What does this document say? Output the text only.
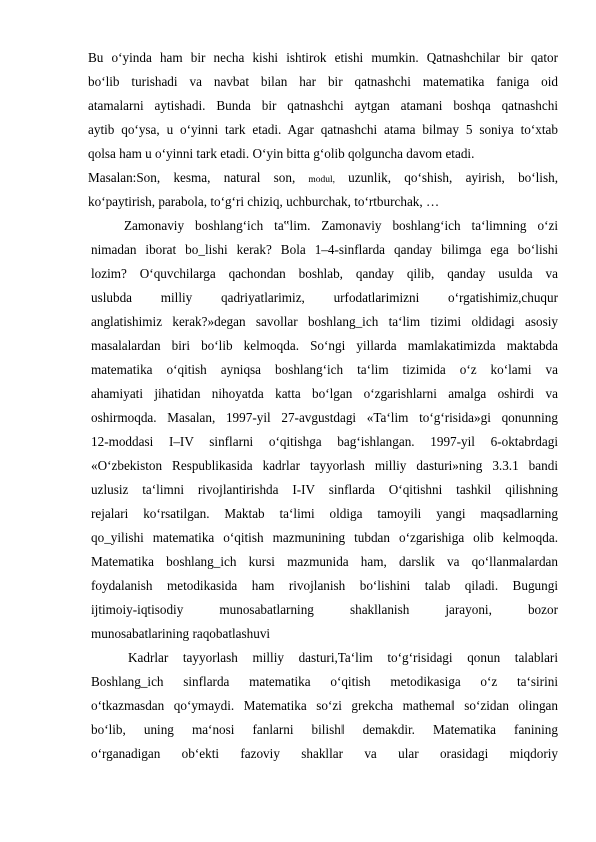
Bu o‘yinda ham bir necha kishi ishtirok etishi mumkin. Qatnashchilar bir qator
bo‘lib turishadi va navbat bilan har bir qatnashchi matematika faniga oid
atamalarni aytishadi. Bunda bir qatnashchi aytgan atamani boshqa qatnashchi
aytib qo‘ysa, u o‘yinni tark etadi. Agar qatnashchi atama bilmay 5 soniya to‘xtab
qolsa ham u o‘yinni tark etadi. O‘yin bitta g‘olib qolguncha davom etadi.
Masalan:Son, kesma, natural son, modul, uzunlik, qo‘shish, ayirish, bo‘lish,
ko‘paytirish, parabola, to‘g‘ri chiziq, uchburchak, to‘rtburchak, …
Zamonaviy boshlang‘ich ta‟lim. Zamonaviy boshlang‘ich ta‘limning o‘zi
nimadan iborat bo_lishi kerak? Bola 1–4-sinflarda qanday bilimga ega bo‘lishi
lozim? O‘quvchilarga qachondan boshlab, qanday qilib, qanday usulda va
uslubda milliy qadriyatlarimiz, urfodatlarimizni o‘rgatishimiz,chuqur
anglatishimiz kerak?»degan savollar boshlang_ich ta‘lim tizimi oldidagi asosiy
masalalardan biri bo‘lib kelmoqda. So‘ngi yillarda mamlakatimizda maktabda
matematika o‘qitish ayniqsa boshlang‘ich ta‘lim tizimida o‘z ko‘lami va
ahamiyati jihatidan nihoyatda katta bo‘lgan o‘zgarishlarni amalga oshirdi va
oshirmoqda. Masalan, 1997-yil 27-avgustdagi «Ta‘lim to‘g‘risida»gi qonunning
12-moddasi I–IV sinflarni o‘qitishga bag‘ishlangan. 1997-yil 6-oktabrdagi
«O‘zbekiston Respublikasida kadrlar tayyorlash milliy dasturi»ning 3.3.1 bandi
uzlusiz ta‘limni rivojlantirishda I-IV sinflarda O‘qitishni tashkil qilishning
rejalari ko‘rsatilgan. Maktab ta‘limi oldiga tamoyili yangi maqsadlarning
qo_yilishi matematika o‘qitish mazmunining tubdan o‘zgarishiga olib kelmoqda.
Matematika boshlang_ich kursi mazmunida ham, darslik va qo‘llanmalardan
foydalanish metodikasida ham rivojlanish bo‘lishini talab qiladi. Bugungi
ijtimoiy-iqtisodiy munosabatlarning shakllanish jarayoni, bozor
munosabatlarining raqobatlashuvi
Kadrlar tayyorlash milliy dasturi,Ta‘lim to‘g‘risidagi qonun talablari
Boshlang_ich sinflarda matematika o‘qitish metodikasiga o‘z ta‘sirini
o‘tkazmasdan qo‘ymaydi. Matematika so‘zi grekcha mathema‖ so‘zidan olingan
bo‘lib, uning ma‘nosi fanlarni bilish‖ demakdir. Matematika fanining
o‘rganadigan ob‘ekti fazoviy shakllar va ular orasidagi miqdoriy
